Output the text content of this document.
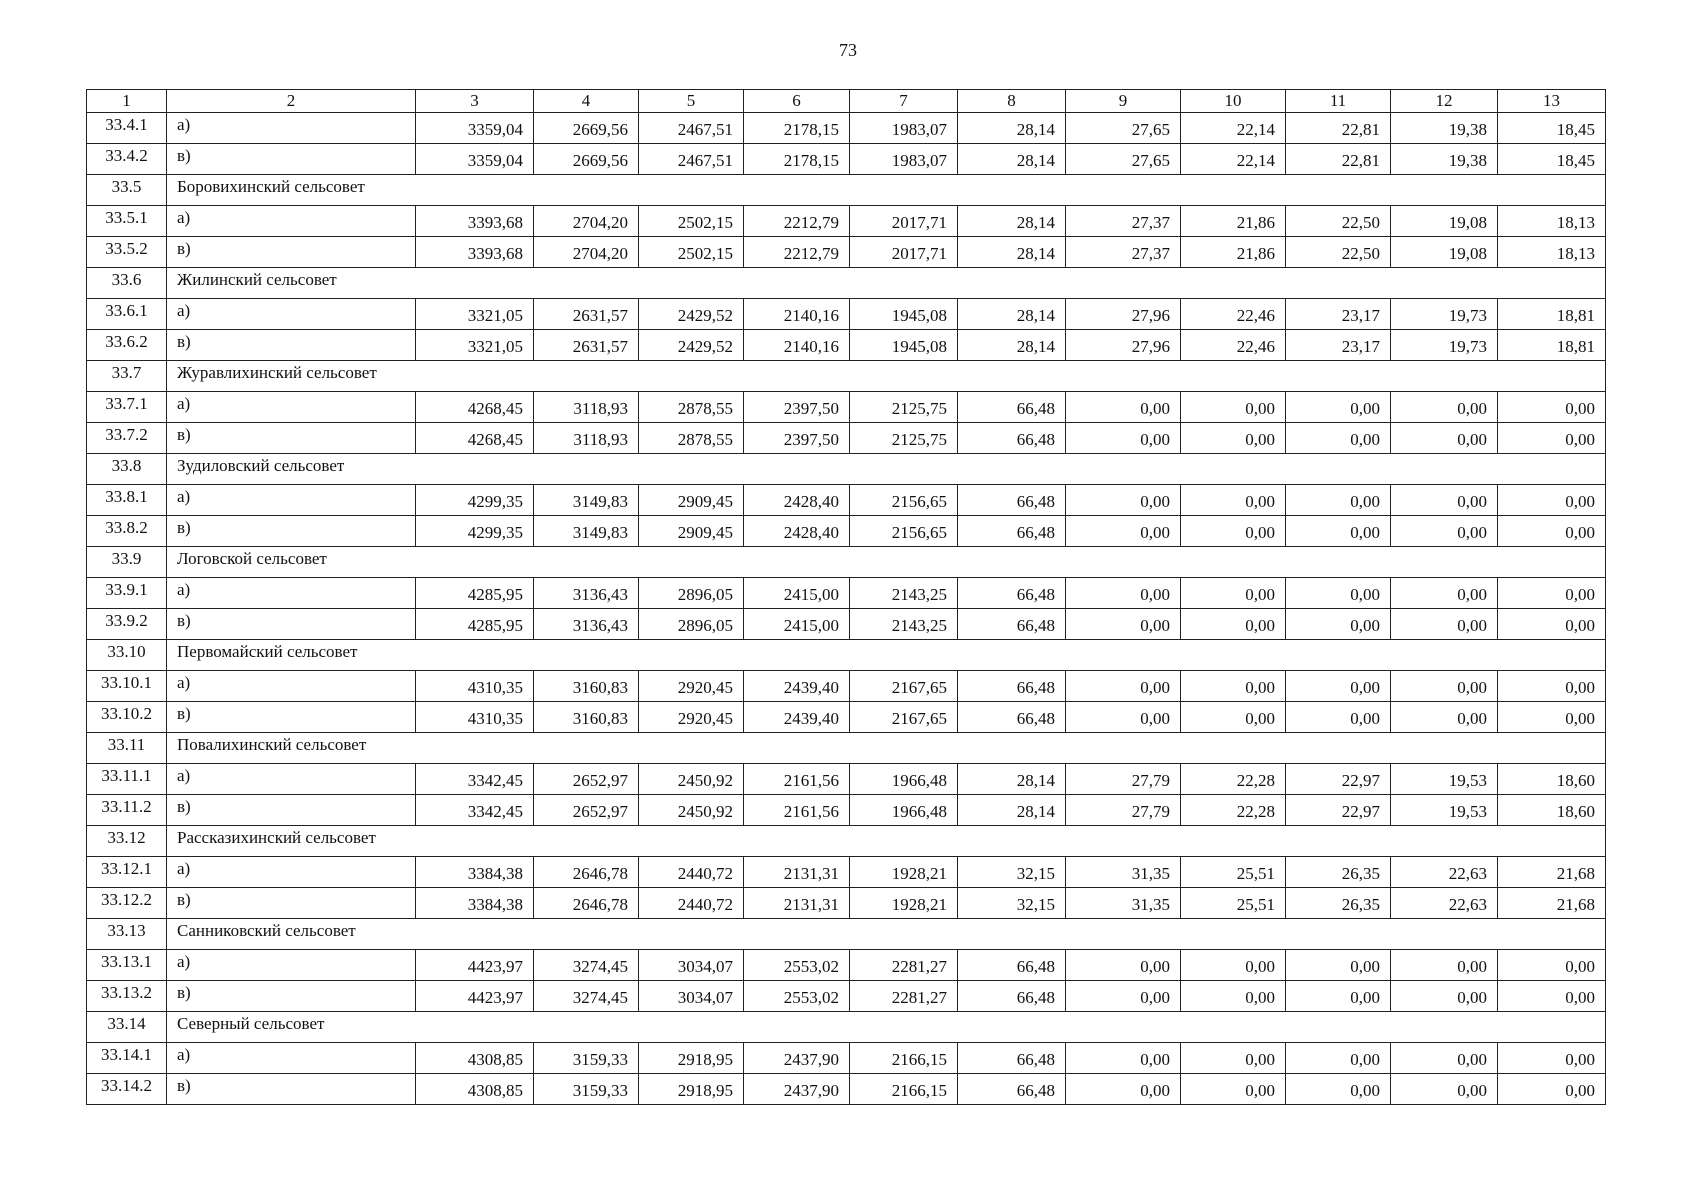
73
1	2	3	4	5	6	7	8	9	10	11	12	13
33.4.1	а)	3359,04	2669,56	2467,51	2178,15	1983,07	28,14	27,65	22,14	22,81	19,38	18,45
33.4.2	в)	3359,04	2669,56	2467,51	2178,15	1983,07	28,14	27,65	22,14	22,81	19,38	18,45
33.5	Боровихинский сельсовет											
33.5.1	а)	3393,68	2704,20	2502,15	2212,79	2017,71	28,14	27,37	21,86	22,50	19,08	18,13
33.5.2	в)	3393,68	2704,20	2502,15	2212,79	2017,71	28,14	27,37	21,86	22,50	19,08	18,13
33.6	Жилинский сельсовет											
33.6.1	а)	3321,05	2631,57	2429,52	2140,16	1945,08	28,14	27,96	22,46	23,17	19,73	18,81
33.6.2	в)	3321,05	2631,57	2429,52	2140,16	1945,08	28,14	27,96	22,46	23,17	19,73	18,81
33.7	Журавлихинский сельсовет											
33.7.1	а)	4268,45	3118,93	2878,55	2397,50	2125,75	66,48	0,00	0,00	0,00	0,00	0,00
33.7.2	в)	4268,45	3118,93	2878,55	2397,50	2125,75	66,48	0,00	0,00	0,00	0,00	0,00
33.8	Зудиловский сельсовет											
33.8.1	а)	4299,35	3149,83	2909,45	2428,40	2156,65	66,48	0,00	0,00	0,00	0,00	0,00
33.8.2	в)	4299,35	3149,83	2909,45	2428,40	2156,65	66,48	0,00	0,00	0,00	0,00	0,00
33.9	Логовской сельсовет											
33.9.1	а)	4285,95	3136,43	2896,05	2415,00	2143,25	66,48	0,00	0,00	0,00	0,00	0,00
33.9.2	в)	4285,95	3136,43	2896,05	2415,00	2143,25	66,48	0,00	0,00	0,00	0,00	0,00
33.10	Первомайский сельсовет											
33.10.1	а)	4310,35	3160,83	2920,45	2439,40	2167,65	66,48	0,00	0,00	0,00	0,00	0,00
33.10.2	в)	4310,35	3160,83	2920,45	2439,40	2167,65	66,48	0,00	0,00	0,00	0,00	0,00
33.11	Повалихинский сельсовет											
33.11.1	а)	3342,45	2652,97	2450,92	2161,56	1966,48	28,14	27,79	22,28	22,97	19,53	18,60
33.11.2	в)	3342,45	2652,97	2450,92	2161,56	1966,48	28,14	27,79	22,28	22,97	19,53	18,60
33.12	Рассказихинский сельсовет											
33.12.1	а)	3384,38	2646,78	2440,72	2131,31	1928,21	32,15	31,35	25,51	26,35	22,63	21,68
33.12.2	в)	3384,38	2646,78	2440,72	2131,31	1928,21	32,15	31,35	25,51	26,35	22,63	21,68
33.13	Санниковский сельсовет											
33.13.1	а)	4423,97	3274,45	3034,07	2553,02	2281,27	66,48	0,00	0,00	0,00	0,00	0,00
33.13.2	в)	4423,97	3274,45	3034,07	2553,02	2281,27	66,48	0,00	0,00	0,00	0,00	0,00
33.14	Северный сельсовет											
33.14.1	а)	4308,85	3159,33	2918,95	2437,90	2166,15	66,48	0,00	0,00	0,00	0,00	0,00
33.14.2	в)	4308,85	3159,33	2918,95	2437,90	2166,15	66,48	0,00	0,00	0,00	0,00	0,00
